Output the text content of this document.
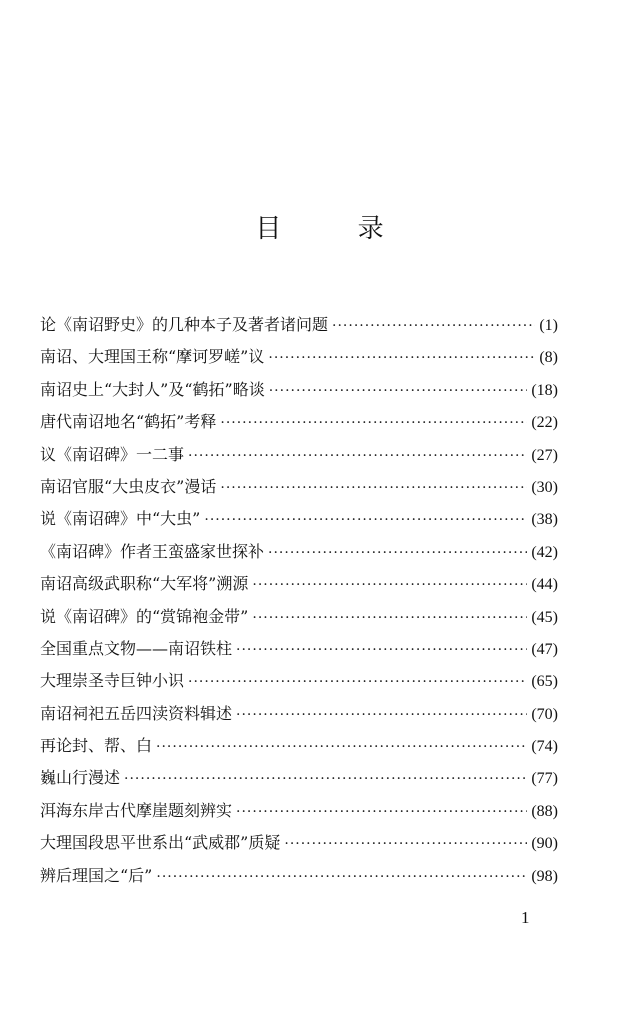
目 录
论《南诏野史》的几种本子及著者诸问题 ·····	(1)
南诏、大理国王称“摩诃罗嵯”议 ·····	(8)
南诏史上“大封人”及“鹤拓”略谈 ·····	(18)
唐代南诏地名“鹤拓”考释 ·····	(22)
议《南诏碑》一二事 ·····	(27)
南诏官服“大虫皮衣”漫话 ·····	(30)
说《南诏碑》中“大虫” ·····	(38)
《南诏碑》作者王蛮盛家世探补 ·····	(42)
南诏高级武职称“大军将”溯源 ·····	(44)
说《南诏碑》的“赏锦袍金带” ·····	(45)
全国重点文物——南诏铁柱 ·····	(47)
大理崇圣寺巨钟小识 ·····	(65)
南诏祠祀五岳四渎资料辑述 ·····	(70)
再论封、帮、白 ·····	(74)
巍山行漫述 ·····	(77)
洱海东岸古代摩崖题刻辨实 ·····	(88)
大理国段思平世系出“武威郡”质疑 ·····	(90)
辨后理国之“后” ·····	(98)
1
